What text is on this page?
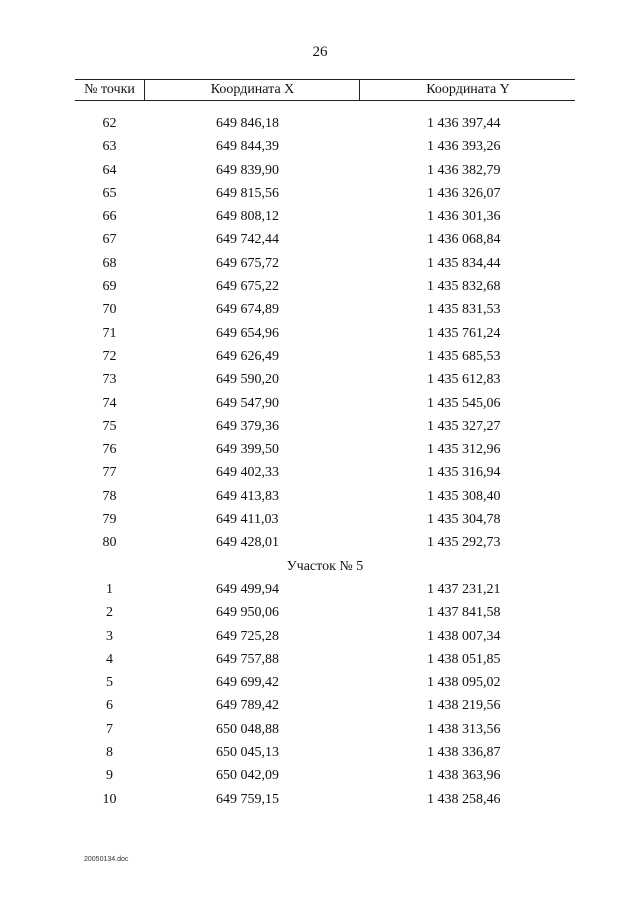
26
№ точки	Координата X	Координата Y
62	649 846,18	1 436 397,44
63	649 844,39	1 436 393,26
64	649 839,90	1 436 382,79
65	649 815,56	1 436 326,07
66	649 808,12	1 436 301,36
67	649 742,44	1 436 068,84
68	649 675,72	1 435 834,44
69	649 675,22	1 435 832,68
70	649 674,89	1 435 831,53
71	649 654,96	1 435 761,24
72	649 626,49	1 435 685,53
73	649 590,20	1 435 612,83
74	649 547,90	1 435 545,06
75	649 379,36	1 435 327,27
76	649 399,50	1 435 312,96
77	649 402,33	1 435 316,94
78	649 413,83	1 435 308,40
79	649 411,03	1 435 304,78
80	649 428,01	1 435 292,73
Участок № 5
1	649 499,94	1 437 231,21
2	649 950,06	1 437 841,58
3	649 725,28	1 438 007,34
4	649 757,88	1 438 051,85
5	649 699,42	1 438 095,02
6	649 789,42	1 438 219,56
7	650 048,88	1 438 313,56
8	650 045,13	1 438 336,87
9	650 042,09	1 438 363,96
10	649 759,15	1 438 258,46
20050134.doc
